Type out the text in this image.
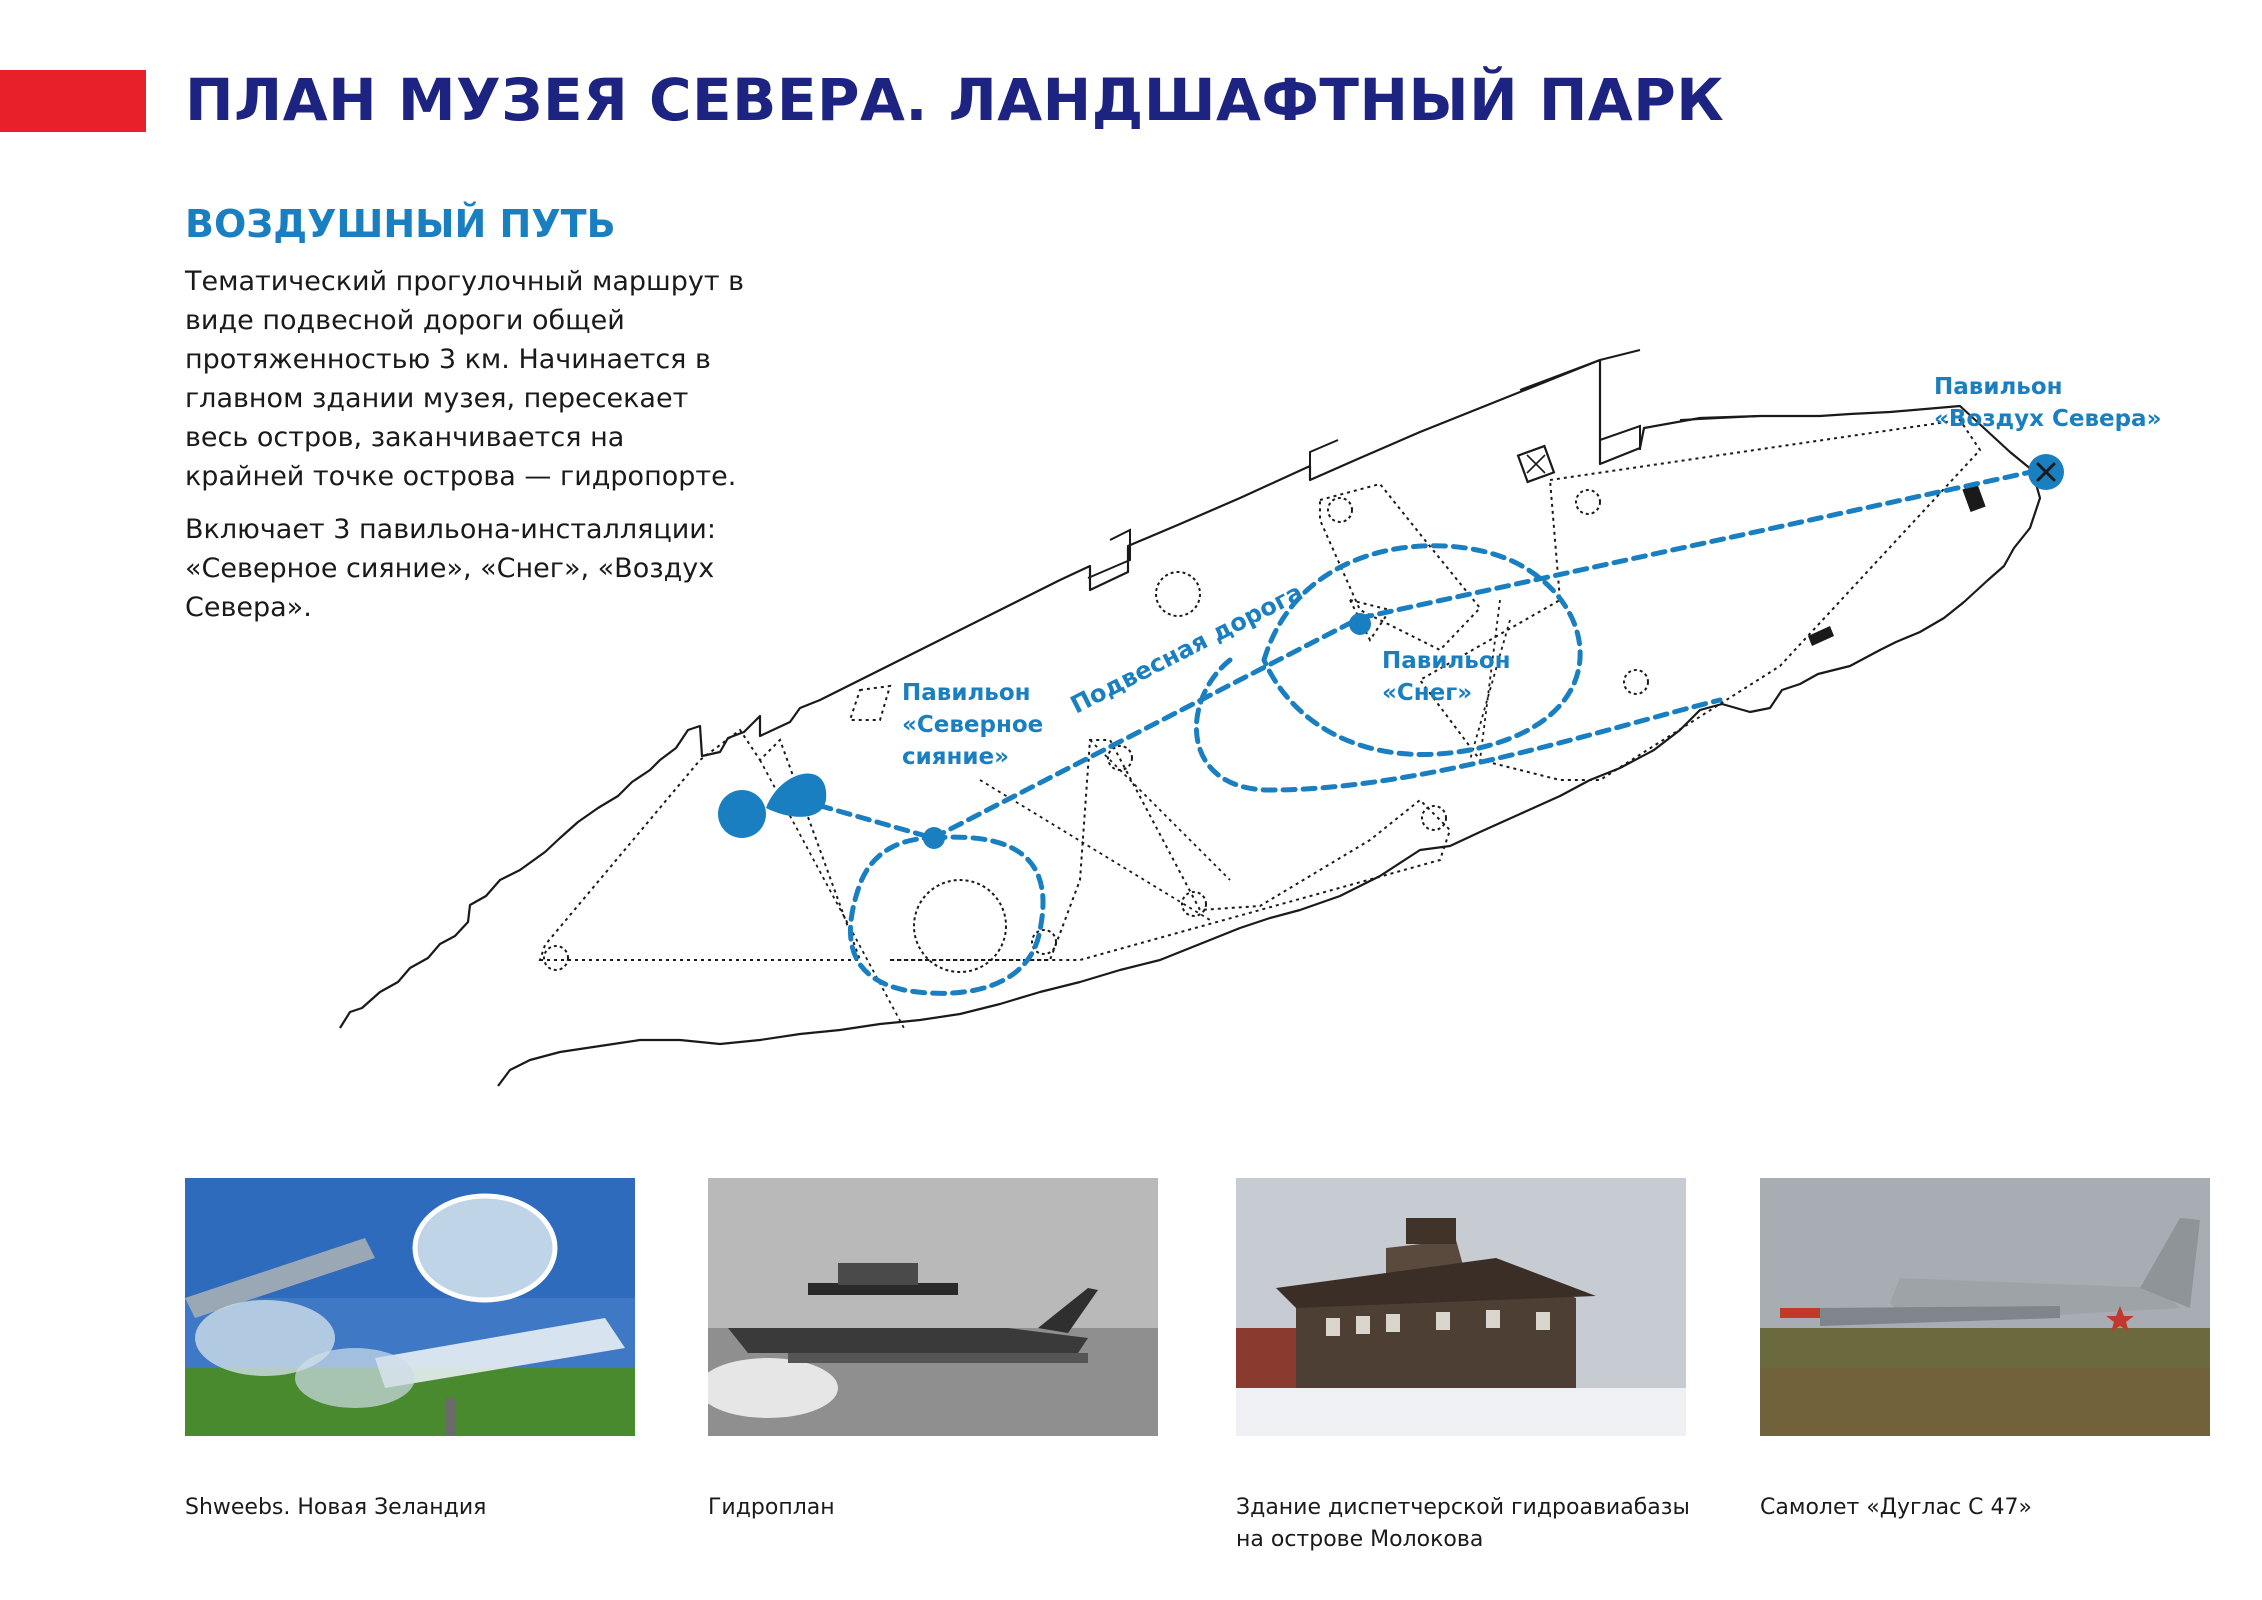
ПЛАН МУЗЕЯ СЕВЕРА. ЛАНДШАФТНЫЙ ПАРК
ВОЗДУШНЫЙ ПУТЬ

Тематический прогулочный маршрут в виде подвесной дороги общей протяженностью 3 км. Начинается в главном здании музея, пересекает весь остров, заканчивается на крайней точке острова — гидропорте.

Включает 3 павильона-инсталляции: «Северное сияние», «Снег», «Воздух Севера».	Подвесная дорога
Павильон «Северное сияние»
Павильон «Снег»
Павильон «Воздух Севера»
Shweebs. Новая Зеландия	Гидроплан	Здание диспетчерской гидроавиабазы
на острове Молокова
Самолет «Дуглас С 47»
